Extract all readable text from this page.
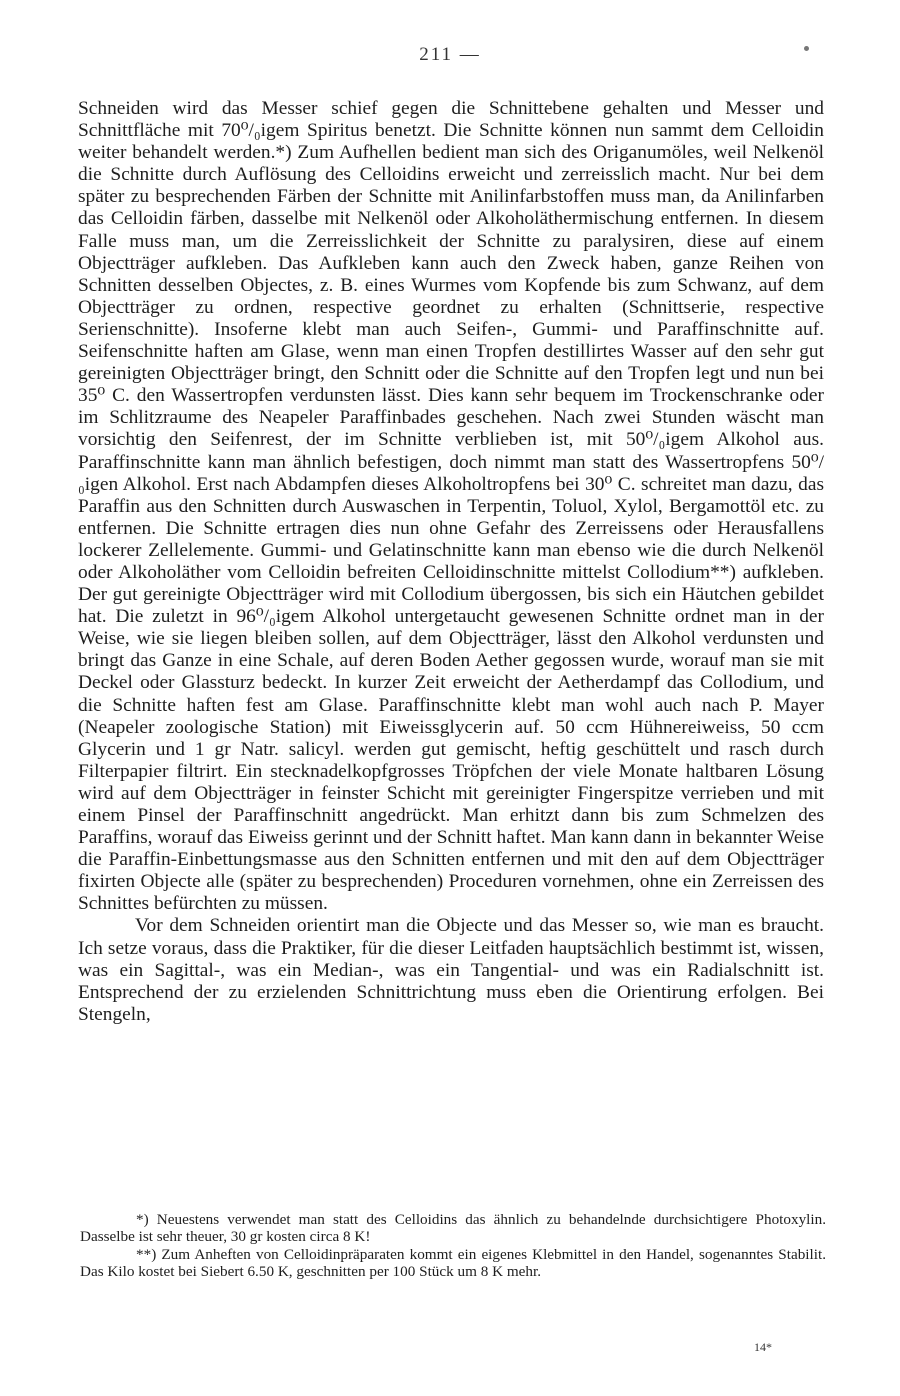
211 —

Schneiden wird das Messer schief gegen die Schnittebene gehalten und Messer und Schnittfläche mit 70⁰/₀igem Spiritus benetzt. Die Schnitte können nun sammt dem Celloidin weiter behandelt werden.*) Zum Aufhellen bedient man sich des Origanumöles, weil Nelkenöl die Schnitte durch Auflösung des Celloidins erweicht und zerreisslich macht. Nur bei dem später zu besprechenden Färben der Schnitte mit Anilinfarbstoffen muss man, da Anilinfarben das Celloidin färben, dasselbe mit Nelkenöl oder Alkoholäthermischung entfernen. In diesem Falle muss man, um die Zerreisslichkeit der Schnitte zu paralysiren, diese auf einem Objectträger aufkleben. Das Aufkleben kann auch den Zweck haben, ganze Reihen von Schnitten desselben Objectes, z. B. eines Wurmes vom Kopfende bis zum Schwanz, auf dem Objectträger zu ordnen, respective geordnet zu erhalten (Schnittserie, respective Serienschnitte). Insoferne klebt man auch Seifen-, Gummi- und Paraffinschnitte auf. Seifenschnitte haften am Glase, wenn man einen Tropfen destillirtes Wasser auf den sehr gut gereinigten Objectträger bringt, den Schnitt oder die Schnitte auf den Tropfen legt und nun bei 35⁰ C. den Wassertropfen verdunsten lässt. Dies kann sehr bequem im Trockenschranke oder im Schlitzraume des Neapeler Paraffinbades geschehen. Nach zwei Stunden wäscht man vorsichtig den Seifenrest, der im Schnitte verblieben ist, mit 50⁰/₀igem Alkohol aus. Paraffinschnitte kann man ähnlich befestigen, doch nimmt man statt des Wassertropfens 50⁰/₀igen Alkohol. Erst nach Abdampfen dieses Alkoholtropfens bei 30⁰ C. schreitet man dazu, das Paraffin aus den Schnitten durch Auswaschen in Terpentin, Toluol, Xylol, Bergamottöl etc. zu entfernen. Die Schnitte ertragen dies nun ohne Gefahr des Zerreissens oder Herausfallens lockerer Zellelemente. Gummi- und Gelatinschnitte kann man ebenso wie die durch Nelkenöl oder Alkoholäther vom Celloidin befreiten Celloidinschnitte mittelst Collodium**) aufkleben. Der gut gereinigte Objectträger wird mit Collodium übergossen, bis sich ein Häutchen gebildet hat. Die zuletzt in 96⁰/₀igem Alkohol untergetaucht gewesenen Schnitte ordnet man in der Weise, wie sie liegen bleiben sollen, auf dem Objectträger, lässt den Alkohol verdunsten und bringt das Ganze in eine Schale, auf deren Boden Aether gegossen wurde, worauf man sie mit Deckel oder Glassturz bedeckt. In kurzer Zeit erweicht der Aetherdampf das Collodium, und die Schnitte haften fest am Glase. Paraffinschnitte klebt man wohl auch nach P. Mayer (Neapeler zoologische Station) mit Eiweissglycerin auf. 50 ccm Hühnereiweiss, 50 ccm Glycerin und 1 gr Natr. salicyl. werden gut gemischt, heftig geschüttelt und rasch durch Filterpapier filtrirt. Ein stecknadelkopfgrosses Tröpfchen der viele Monate haltbaren Lösung wird auf dem Objectträger in feinster Schicht mit gereinigter Fingerspitze verrieben und mit einem Pinsel der Paraffinschnitt angedrückt. Man erhitzt dann bis zum Schmelzen des Paraffins, worauf das Eiweiss gerinnt und der Schnitt haftet. Man kann dann in bekannter Weise die Paraffin-Einbettungsmasse aus den Schnitten entfernen und mit den auf dem Objectträger fixirten Objecte alle (später zu besprechenden) Proceduren vornehmen, ohne ein Zerreissen des Schnittes befürchten zu müssen.

Vor dem Schneiden orientirt man die Objecte und das Messer so, wie man es braucht. Ich setze voraus, dass die Praktiker, für die dieser Leitfaden hauptsächlich bestimmt ist, wissen, was ein Sagittal-, was ein Median-, was ein Tangential- und was ein Radialschnitt ist. Entsprechend der zu erzielenden Schnittrichtung muss eben die Orientirung erfolgen. Bei Stengeln,

*) Neuestens verwendet man statt des Celloidins das ähnlich zu behandelnde durchsichtigere Photoxylin. Dasselbe ist sehr theuer, 30 gr kosten circa 8 K!

**) Zum Anheften von Celloidinpräparaten kommt ein eigenes Klebmittel in den Handel, sogenanntes Stabilit. Das Kilo kostet bei Siebert 6.50 K, geschnitten per 100 Stück um 8 K mehr.

14*
